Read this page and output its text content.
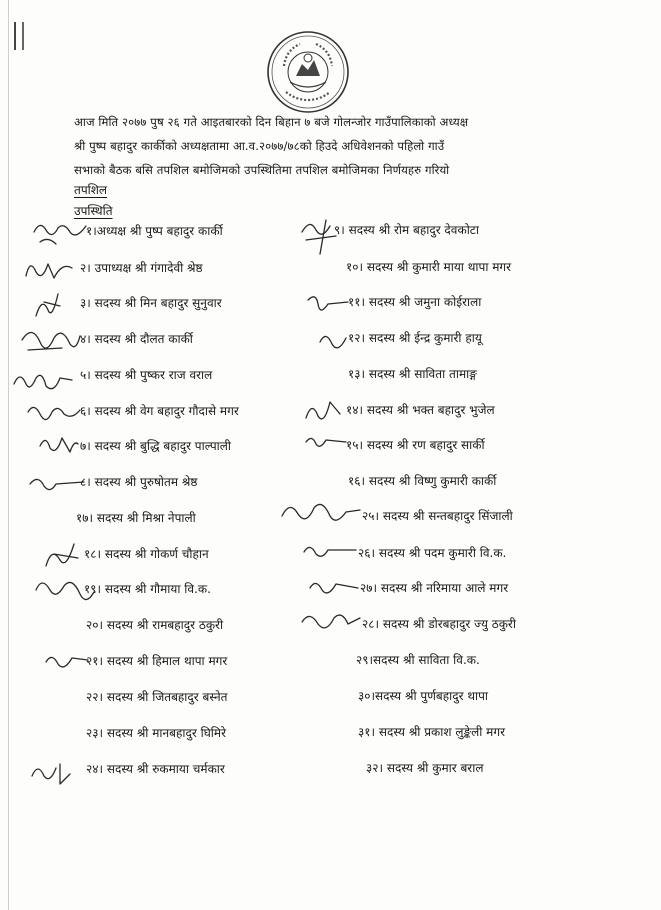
आज मिति २०७७ पुष २६ गते आइतबारको दिन बिहान ७ बजे गोलन्जोर गाउँपालिकाको अध्यक्ष

श्री पुष्प बहादुर कार्कीको अध्यक्षतामा आ.व.२०७७/७८को हिउदे अधिवेशनको पहिलो गाउँ

सभाको बैठक बसि तपशिल बमोजिमको उपस्थितिमा तपशिल बमोजिमका निर्णयहरु गरियो

तपशिल
उपस्थिति
१।अध्यक्ष श्री पुष्प बहादुर कार्की
२। उपाध्यक्ष श्री गंगादेवी श्रेष्ठ
३। सदस्य श्री मिन बहादुर सुनुवार
४। सदस्य श्री दौलत कार्की
५। सदस्य श्री पुष्कर राज वराल
६। सदस्य श्री वेग बहादुर गौदासे मगर
७। सदस्य श्री बुद्धि बहादुर पाल्पाली
८। सदस्य श्री पुरुषोतम श्रेष्ठ
९। सदस्य श्री रोम बहादुर देवकोटा
१०। सदस्य श्री कुमारी माया थापा मगर
११। सदस्य श्री जमुना कोईराला
१२। सदस्य श्री ईन्द्र कुमारी हायू
१३। सदस्य श्री साविता तामाङ्ग
१४। सदस्य श्री भक्त बहादुर भुजेल
१५। सदस्य श्री रण बहादुर सार्की
१६। सदस्य श्री विष्णु कुमारी कार्की
१७। सदस्य श्री मिश्रा नेपाली
१८। सदस्य श्री गोकर्ण चौहान
१९। सदस्य श्री गौमाया वि.क.
२०। सदस्य श्री रामबहादुर ठकुरी
२१। सदस्य श्री हिमाल थापा मगर
२२। सदस्य श्री जितबहादुर बस्नेत
२३। सदस्य श्री मानबहादुर घिमिरे
२४। सदस्य श्री रुकमाया चर्मकार
२५। सदस्य श्री सन्तबहादुर सिंजाली
२६। सदस्य श्री पदम कुमारी वि.क.
२७। सदस्य श्री नरिमाया आले मगर
२८। सदस्य श्री डोरबहादुर ज्यु ठकुरी
२९।सदस्य श्री साविता वि.क.
३०।सदस्य श्री पुर्णबहादुर थापा
३१। सदस्य श्री प्रकाश लुङ्केली मगर
३२। सदस्य श्री कुमार बराल
